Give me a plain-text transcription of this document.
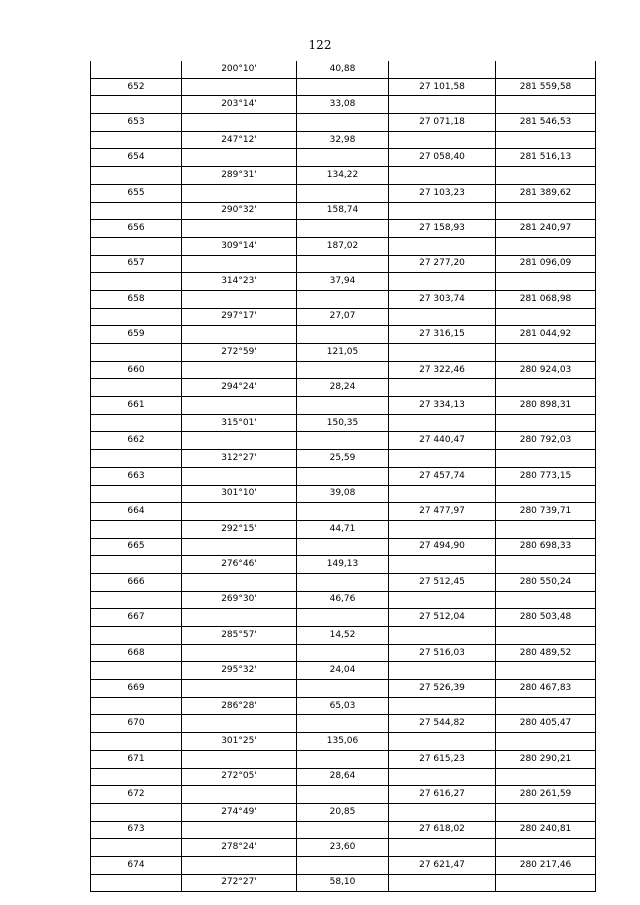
122
	200°10'	40,88		
652			27 101,58	281 559,58
	203°14'	33,08		
653			27 071,18	281 546,53
	247°12'	32,98		
654			27 058,40	281 516,13
	289°31'	134,22		
655			27 103,23	281 389,62
	290°32'	158,74		
656			27 158,93	281 240,97
	309°14'	187,02		
657			27 277,20	281 096,09
	314°23'	37,94		
658			27 303,74	281 068,98
	297°17'	27,07		
659			27 316,15	281 044,92
	272°59'	121,05		
660			27 322,46	280 924,03
	294°24'	28,24		
661			27 334,13	280 898,31
	315°01'	150,35		
662			27 440,47	280 792,03
	312°27'	25,59		
663			27 457,74	280 773,15
	301°10'	39,08		
664			27 477,97	280 739,71
	292°15'	44,71		
665			27 494,90	280 698,33
	276°46'	149,13		
666			27 512,45	280 550,24
	269°30'	46,76		
667			27 512,04	280 503,48
	285°57'	14,52		
668			27 516,03	280 489,52
	295°32'	24,04		
669			27 526,39	280 467,83
	286°28'	65,03		
670			27 544,82	280 405,47
	301°25'	135,06		
671			27 615,23	280 290,21
	272°05'	28,64		
672			27 616,27	280 261,59
	274°49'	20,85		
673			27 618,02	280 240,81
	278°24'	23,60		
674			27 621,47	280 217,46
	272°27'	58,10		
